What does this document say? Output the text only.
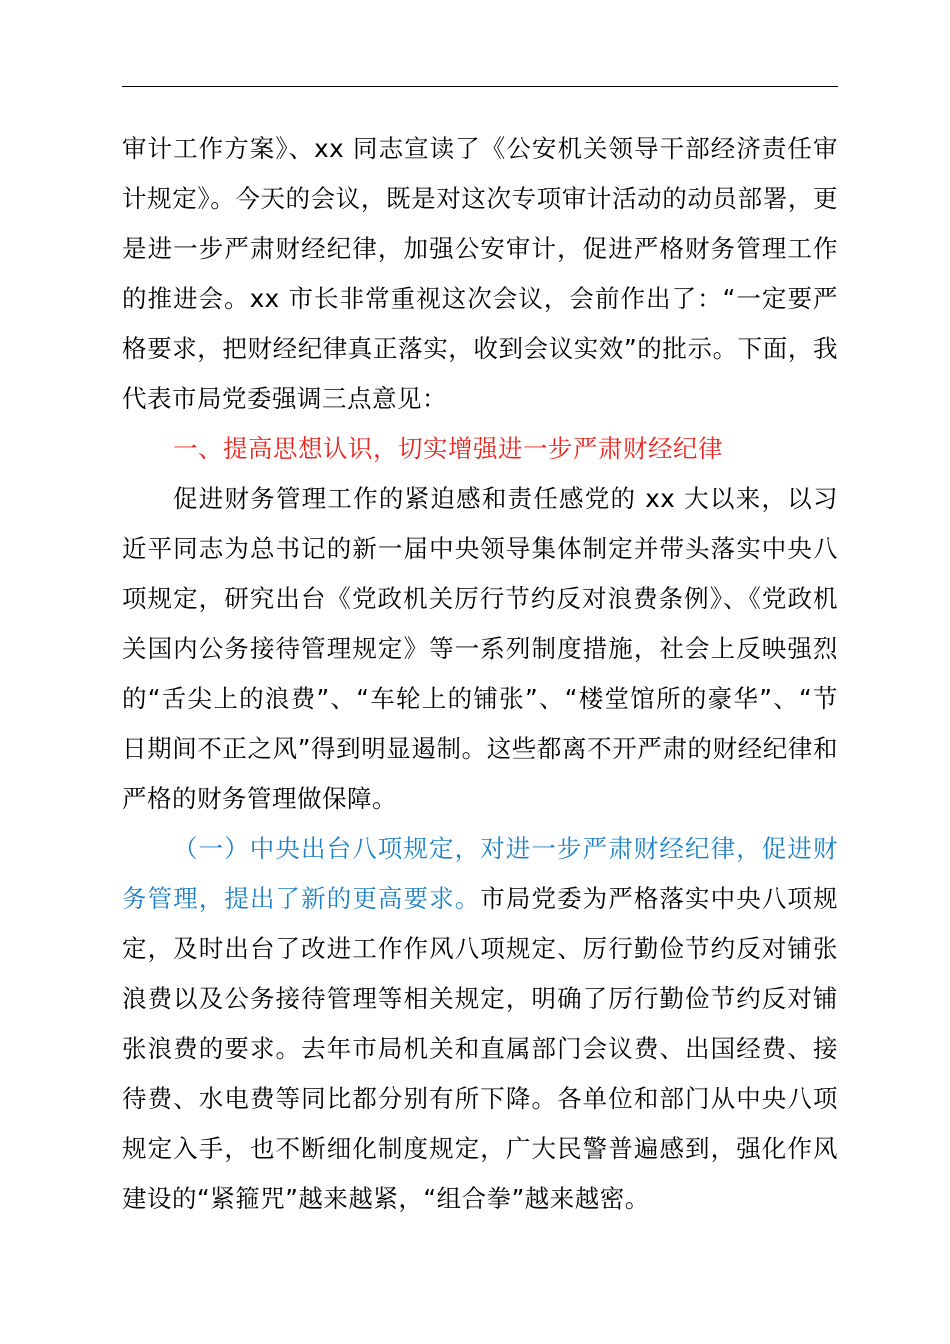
审计工作方案》、xx 同志宣读了《公安机关领导干部经济责任审计规定》。今天的会议，既是对这次专项审计活动的动员部署，更是进一步严肃财经纪律，加强公安审计，促进严格财务管理工作的推进会。xx 市长非常重视这次会议，会前作出了：“一定要严格要求，把财经纪律真正落实，收到会议实效”的批示。下面，我代表市局党委强调三点意见：

一、提高思想认识，切实增强进一步严肃财经纪律

促进财务管理工作的紧迫感和责任感党的 xx 大以来，以习近平同志为总书记的新一届中央领导集体制定并带头落实中央八项规定，研究出台《党政机关厉行节约反对浪费条例》、《党政机关国内公务接待管理规定》等一系列制度措施，社会上反映强烈的“舌尖上的浪费”、“车轮上的铺张”、“楼堂馆所的豪华”、“节日期间不正之风”得到明显遏制。这些都离不开严肃的财经纪律和严格的财务管理做保障。

（一）中央出台八项规定，对进一步严肃财经纪律，促进财务管理，提出了新的更高要求。市局党委为严格落实中央八项规定，及时出台了改进工作作风八项规定、厉行勤俭节约反对铺张浪费以及公务接待管理等相关规定，明确了厉行勤俭节约反对铺张浪费的要求。去年市局机关和直属部门会议费、出国经费、接待费、水电费等同比都分别有所下降。各单位和部门从中央八项规定入手，也不断细化制度规定，广大民警普遍感到，强化作风建设的“紧箍咒”越来越紧，“组合拳”越来越密。
